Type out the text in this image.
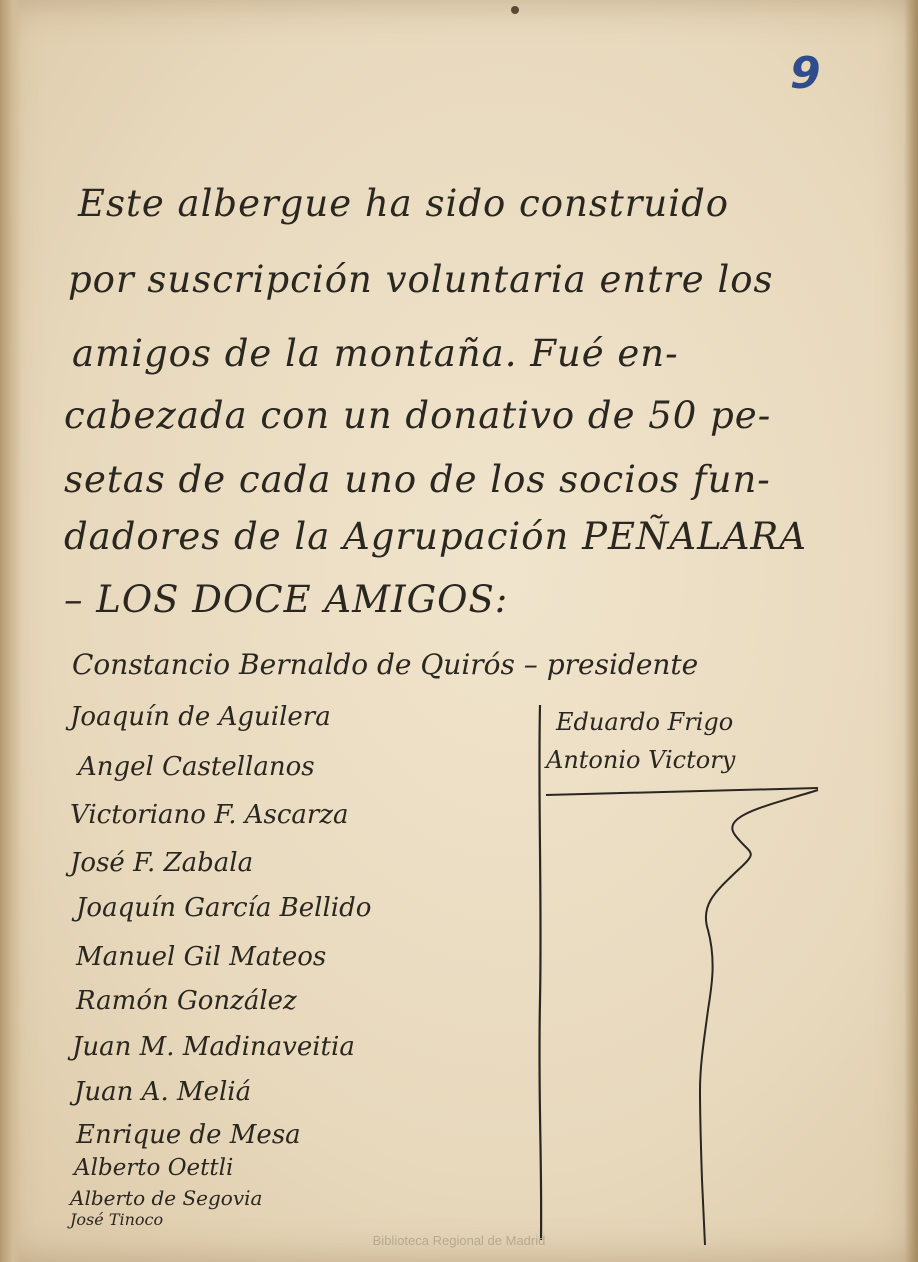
9
Este albergue ha sido construido
por suscripción voluntaria entre los
amigos de la montaña. Fué en-
cabezada con un donativo de 50 pe-
setas de cada uno de los socios fun-
dadores de la Agrupación PEÑALARA
– LOS DOCE AMIGOS:
Constancio Bernaldo de Quirós – presidente
Joaquín de Aguilera
Angel Castellanos
Victoriano F. Ascarza
José F. Zabala
Joaquín García Bellido
Manuel Gil Mateos
Ramón González
Juan M. Madinaveitia
Juan A. Meliá
Enrique de Mesa
Alberto Oettli
Alberto de Segovia
José Tinoco
Eduardo Frigo
Antonio Victory
Biblioteca Regional de Madrid
